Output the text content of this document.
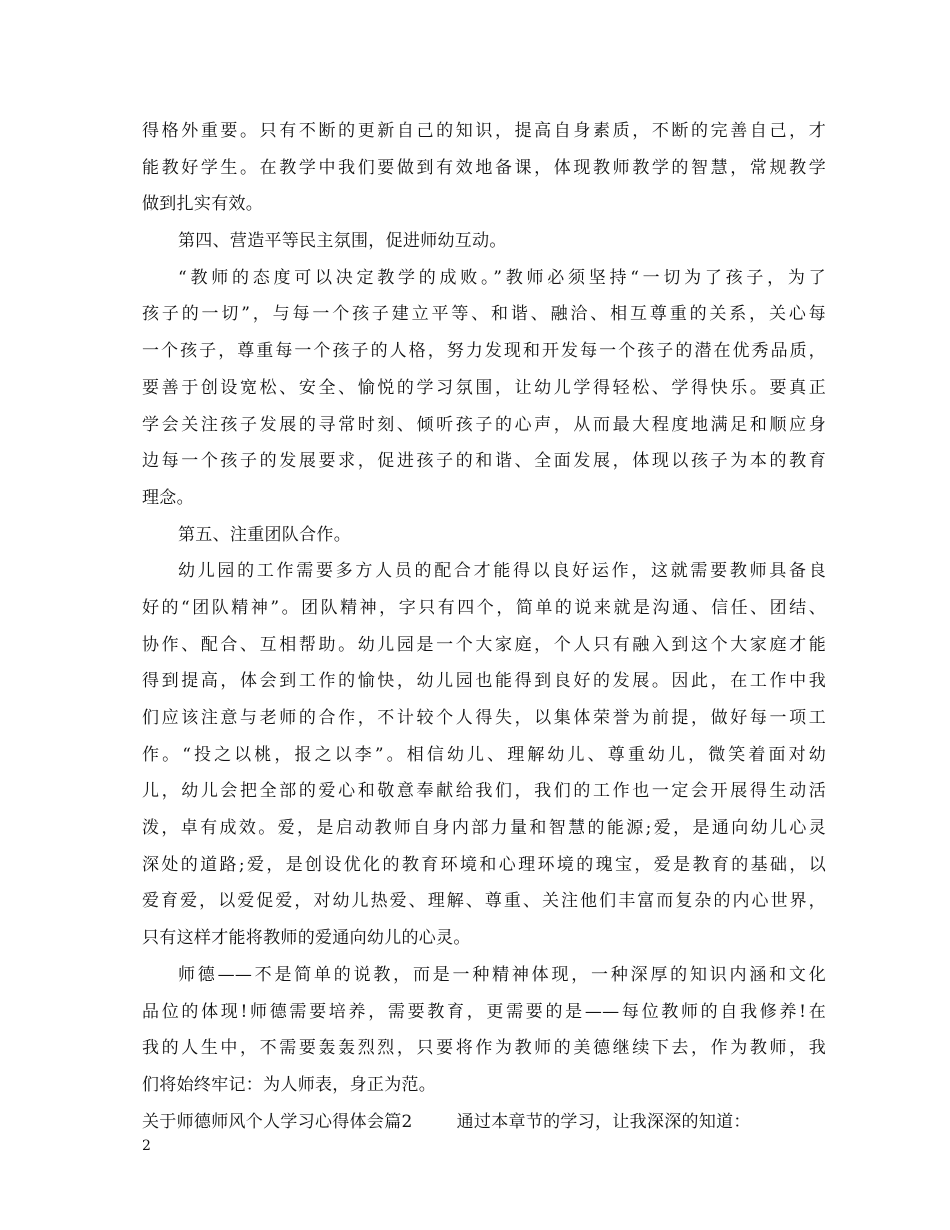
得格外重要。只有不断的更新自己的知识，提高自身素质，不断的完善自己，才
能教好学生。在教学中我们要做到有效地备课，体现教师教学的智慧，常规教学
做到扎实有效。
第四、营造平等民主氛围，促进师幼互动。
“教师的态度可以决定教学的成败。”教师必须坚持“一切为了孩子，为了
孩子的一切”，与每一个孩子建立平等、和谐、融洽、相互尊重的关系，关心每
一个孩子，尊重每一个孩子的人格，努力发现和开发每一个孩子的潜在优秀品质，
要善于创设宽松、安全、愉悦的学习氛围，让幼儿学得轻松、学得快乐。要真正
学会关注孩子发展的寻常时刻、倾听孩子的心声，从而最大程度地满足和顺应身
边每一个孩子的发展要求，促进孩子的和谐、全面发展，体现以孩子为本的教育
理念。
第五、注重团队合作。
幼儿园的工作需要多方人员的配合才能得以良好运作，这就需要教师具备良
好的“团队精神”。团队精神，字只有四个，简单的说来就是沟通、信任、团结、
协作、配合、互相帮助。幼儿园是一个大家庭，个人只有融入到这个大家庭才能
得到提高，体会到工作的愉快，幼儿园也能得到良好的发展。因此，在工作中我
们应该注意与老师的合作，不计较个人得失，以集体荣誉为前提，做好每一项工
作。“投之以桃，报之以李”。相信幼儿、理解幼儿、尊重幼儿，微笑着面对幼
儿，幼儿会把全部的爱心和敬意奉献给我们，我们的工作也一定会开展得生动活
泼，卓有成效。爱，是启动教师自身内部力量和智慧的能源;爱，是通向幼儿心灵
深处的道路;爱，是创设优化的教育环境和心理环境的瑰宝，爱是教育的基础，以
爱育爱，以爱促爱，对幼儿热爱、理解、尊重、关注他们丰富而复杂的内心世界，
只有这样才能将教师的爱通向幼儿的心灵。
师德——不是简单的说教，而是一种精神体现，一种深厚的知识内涵和文化
品位的体现!师德需要培养，需要教育，更需要的是——每位教师的自我修养!在
我的人生中，不需要轰轰烈烈，只要将作为教师的美德继续下去，作为教师，我
们将始终牢记：为人师表，身正为范。
关于师德师风个人学习心得体会篇2	通过本章节的学习，让我深深的知道：
2
